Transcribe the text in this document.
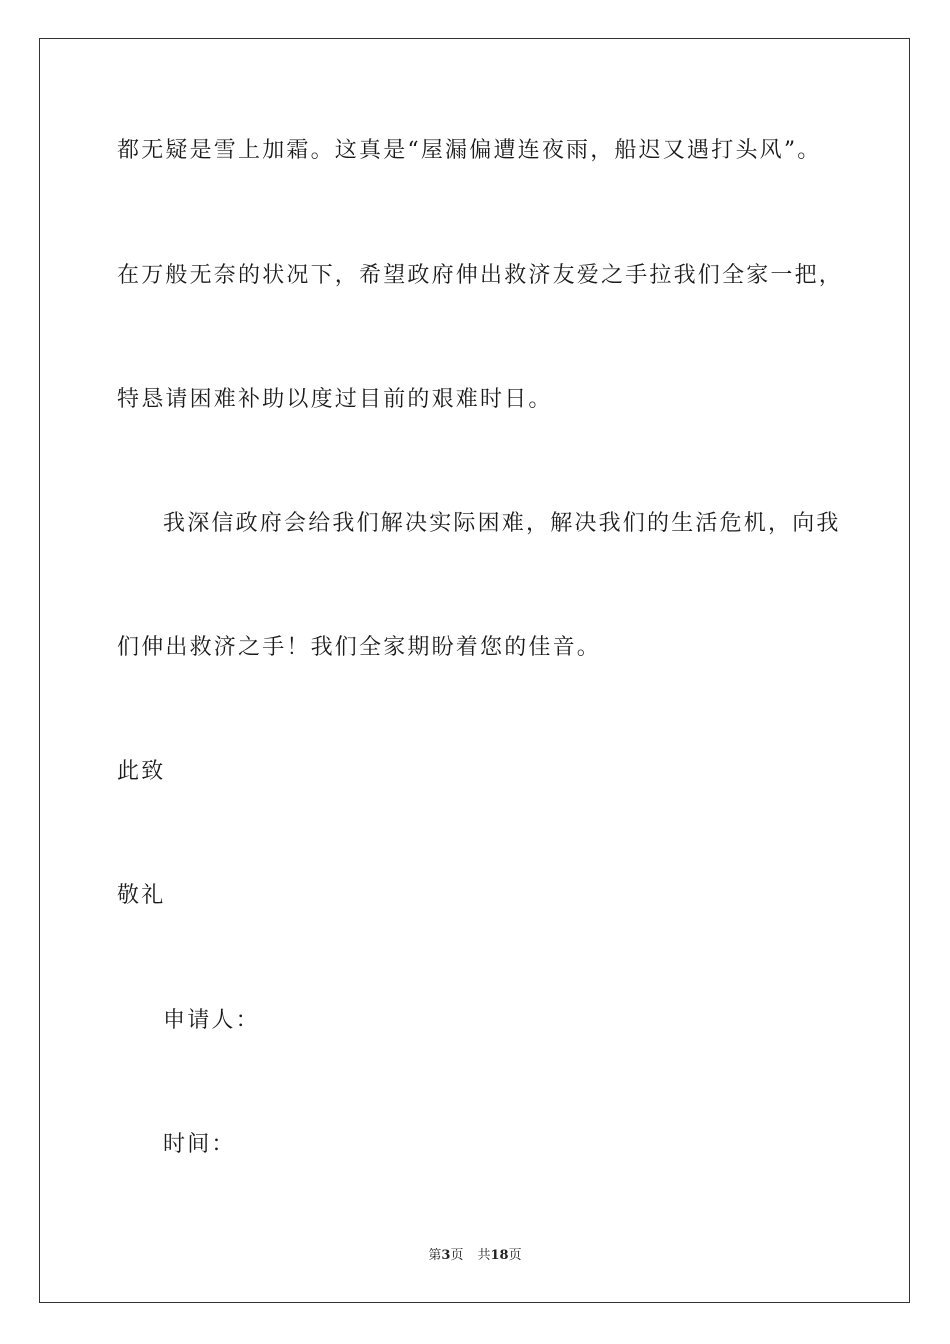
都无疑是雪上加霜。这真是“屋漏偏遭连夜雨，船迟又遇打头风”。
在万般无奈的状况下，希望政府伸出救济友爱之手拉我们全家一把，
特恳请困难补助以度过目前的艰难时日。
我深信政府会给我们解决实际困难，解决我们的生活危机，向我
们伸出救济之手！我们全家期盼着您的佳音。
此致
敬礼
申请人：
时间：
第3页 共18页
